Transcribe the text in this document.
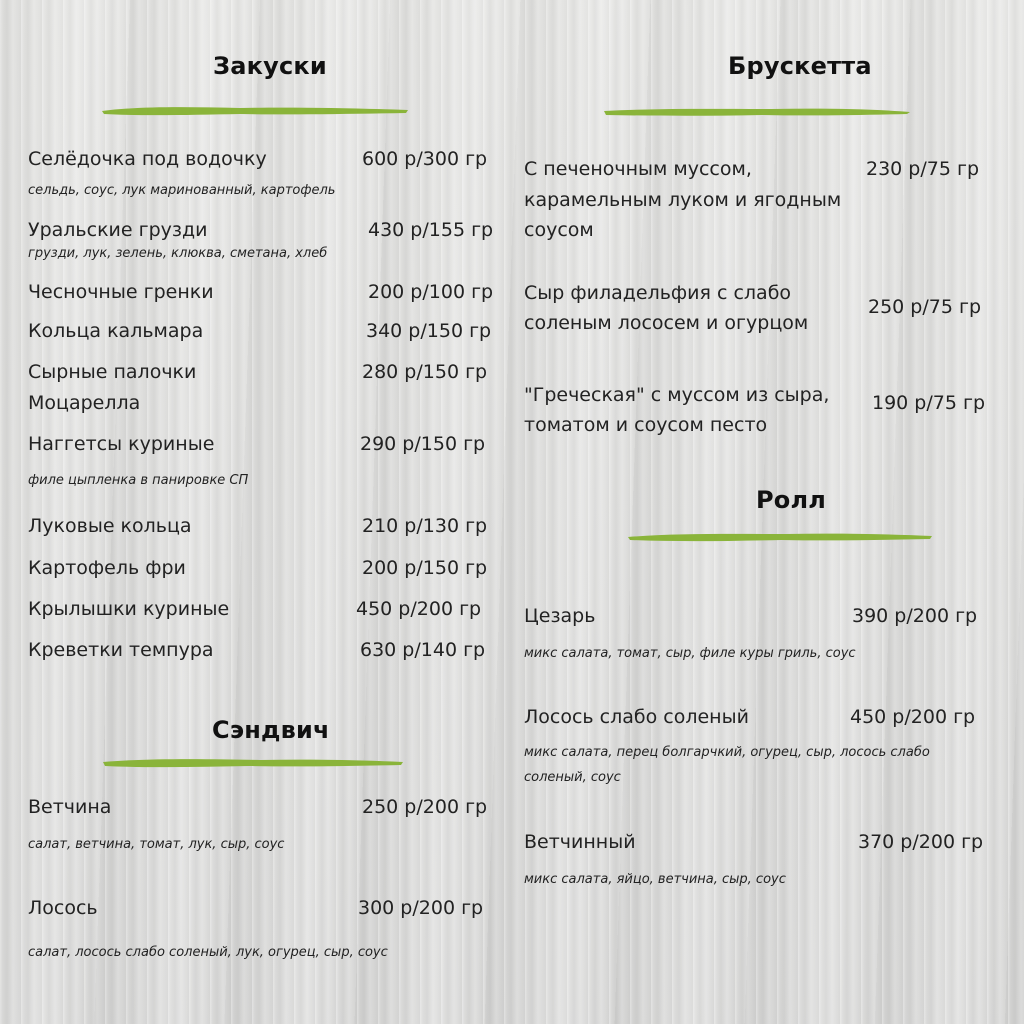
Закуски
Селёдочка под водочку	600 р/300 гр
сельдь, соус, лук маринованный, картофель
Уральские грузди	430 р/155 гр
грузди, лук, зелень, клюква, сметана, хлеб
Чесночные гренки	200 р/100 гр
Кольца кальмара	340 р/150 гр
Сырные палочки
Моцарелла
280 р/150 гр
Наггетсы куриные	290 р/150 гр
филе цыпленка в панировке СП
Луковые кольца	210 р/130 гр
Картофель фри	200 р/150 гр
Крылышки куриные	450 р/200 гр
Креветки темпура	630 р/140 гр
Сэндвич
Ветчина	250 р/200 гр
салат, ветчина, томат, лук, сыр, соус
Лосось	300 р/200 гр
салат, лосось слабо соленый, лук, огурец, сыр, соус
Брускетта
С печеночным муссом,
карамельным луком и ягодным
соусом
230 р/75 гр
Сыр филадельфия с слабо
соленым лососем и огурцом
250 р/75 гр
"Греческая" с муссом из сыра,
томатом и соусом песто
190 р/75 гр
Ролл
Цезарь	390 р/200 гр
микс салата, томат, сыр, филе куры гриль, соус
Лосось слабо соленый	450 р/200 гр
микс салата, перец болгарчкий, огурец, сыр, лосось слабо
соленый, соус
Ветчинный	370 р/200 гр
микс салата, яйцо, ветчина, сыр, соус
